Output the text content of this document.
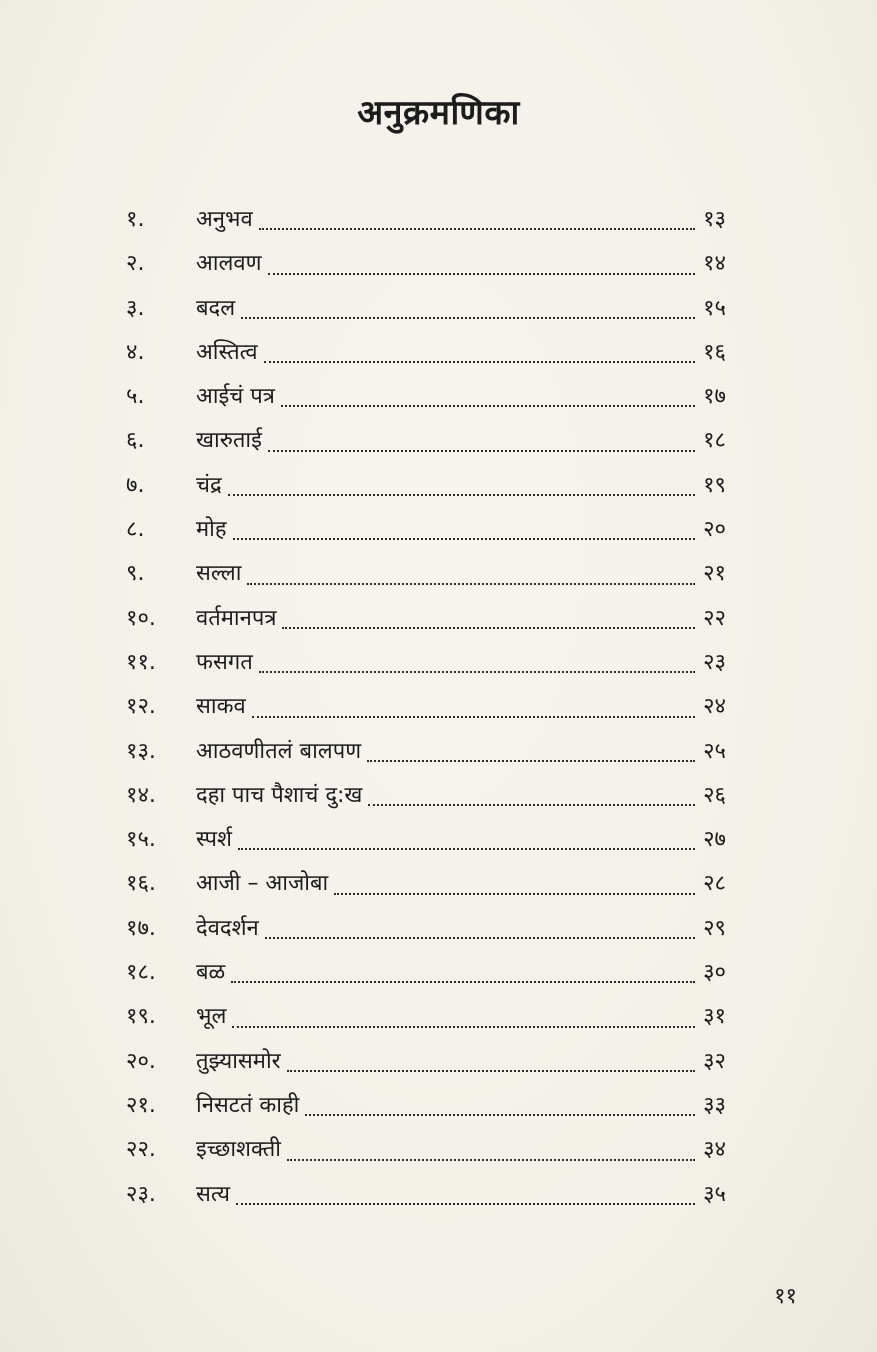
अनुक्रमणिका
१.	अनुभव	१३
२.	आलवण	१४
३.	बदल	१५
४.	अस्तित्व	१६
५.	आईचं पत्र	१७
६.	खारुताई	१८
७.	चंद्र	१९
८.	मोह	२०
९.	सल्ला	२१
१०.	वर्तमानपत्र	२२
११.	फसगत	२३
१२.	साकव	२४
१३.	आठवणीतलं बालपण	२५
१४.	दहा पाच पैशाचं दु:ख	२६
१५.	स्पर्श	२७
१६.	आजी – आजोबा	२८
१७.	देवदर्शन	२९
१८.	बळ	३०
१९.	भूल	३१
२०.	तुझ्यासमोर	३२
२१.	निसटतं काही	३३
२२.	इच्छाशक्ती	३४
२३.	सत्य	३५
११
